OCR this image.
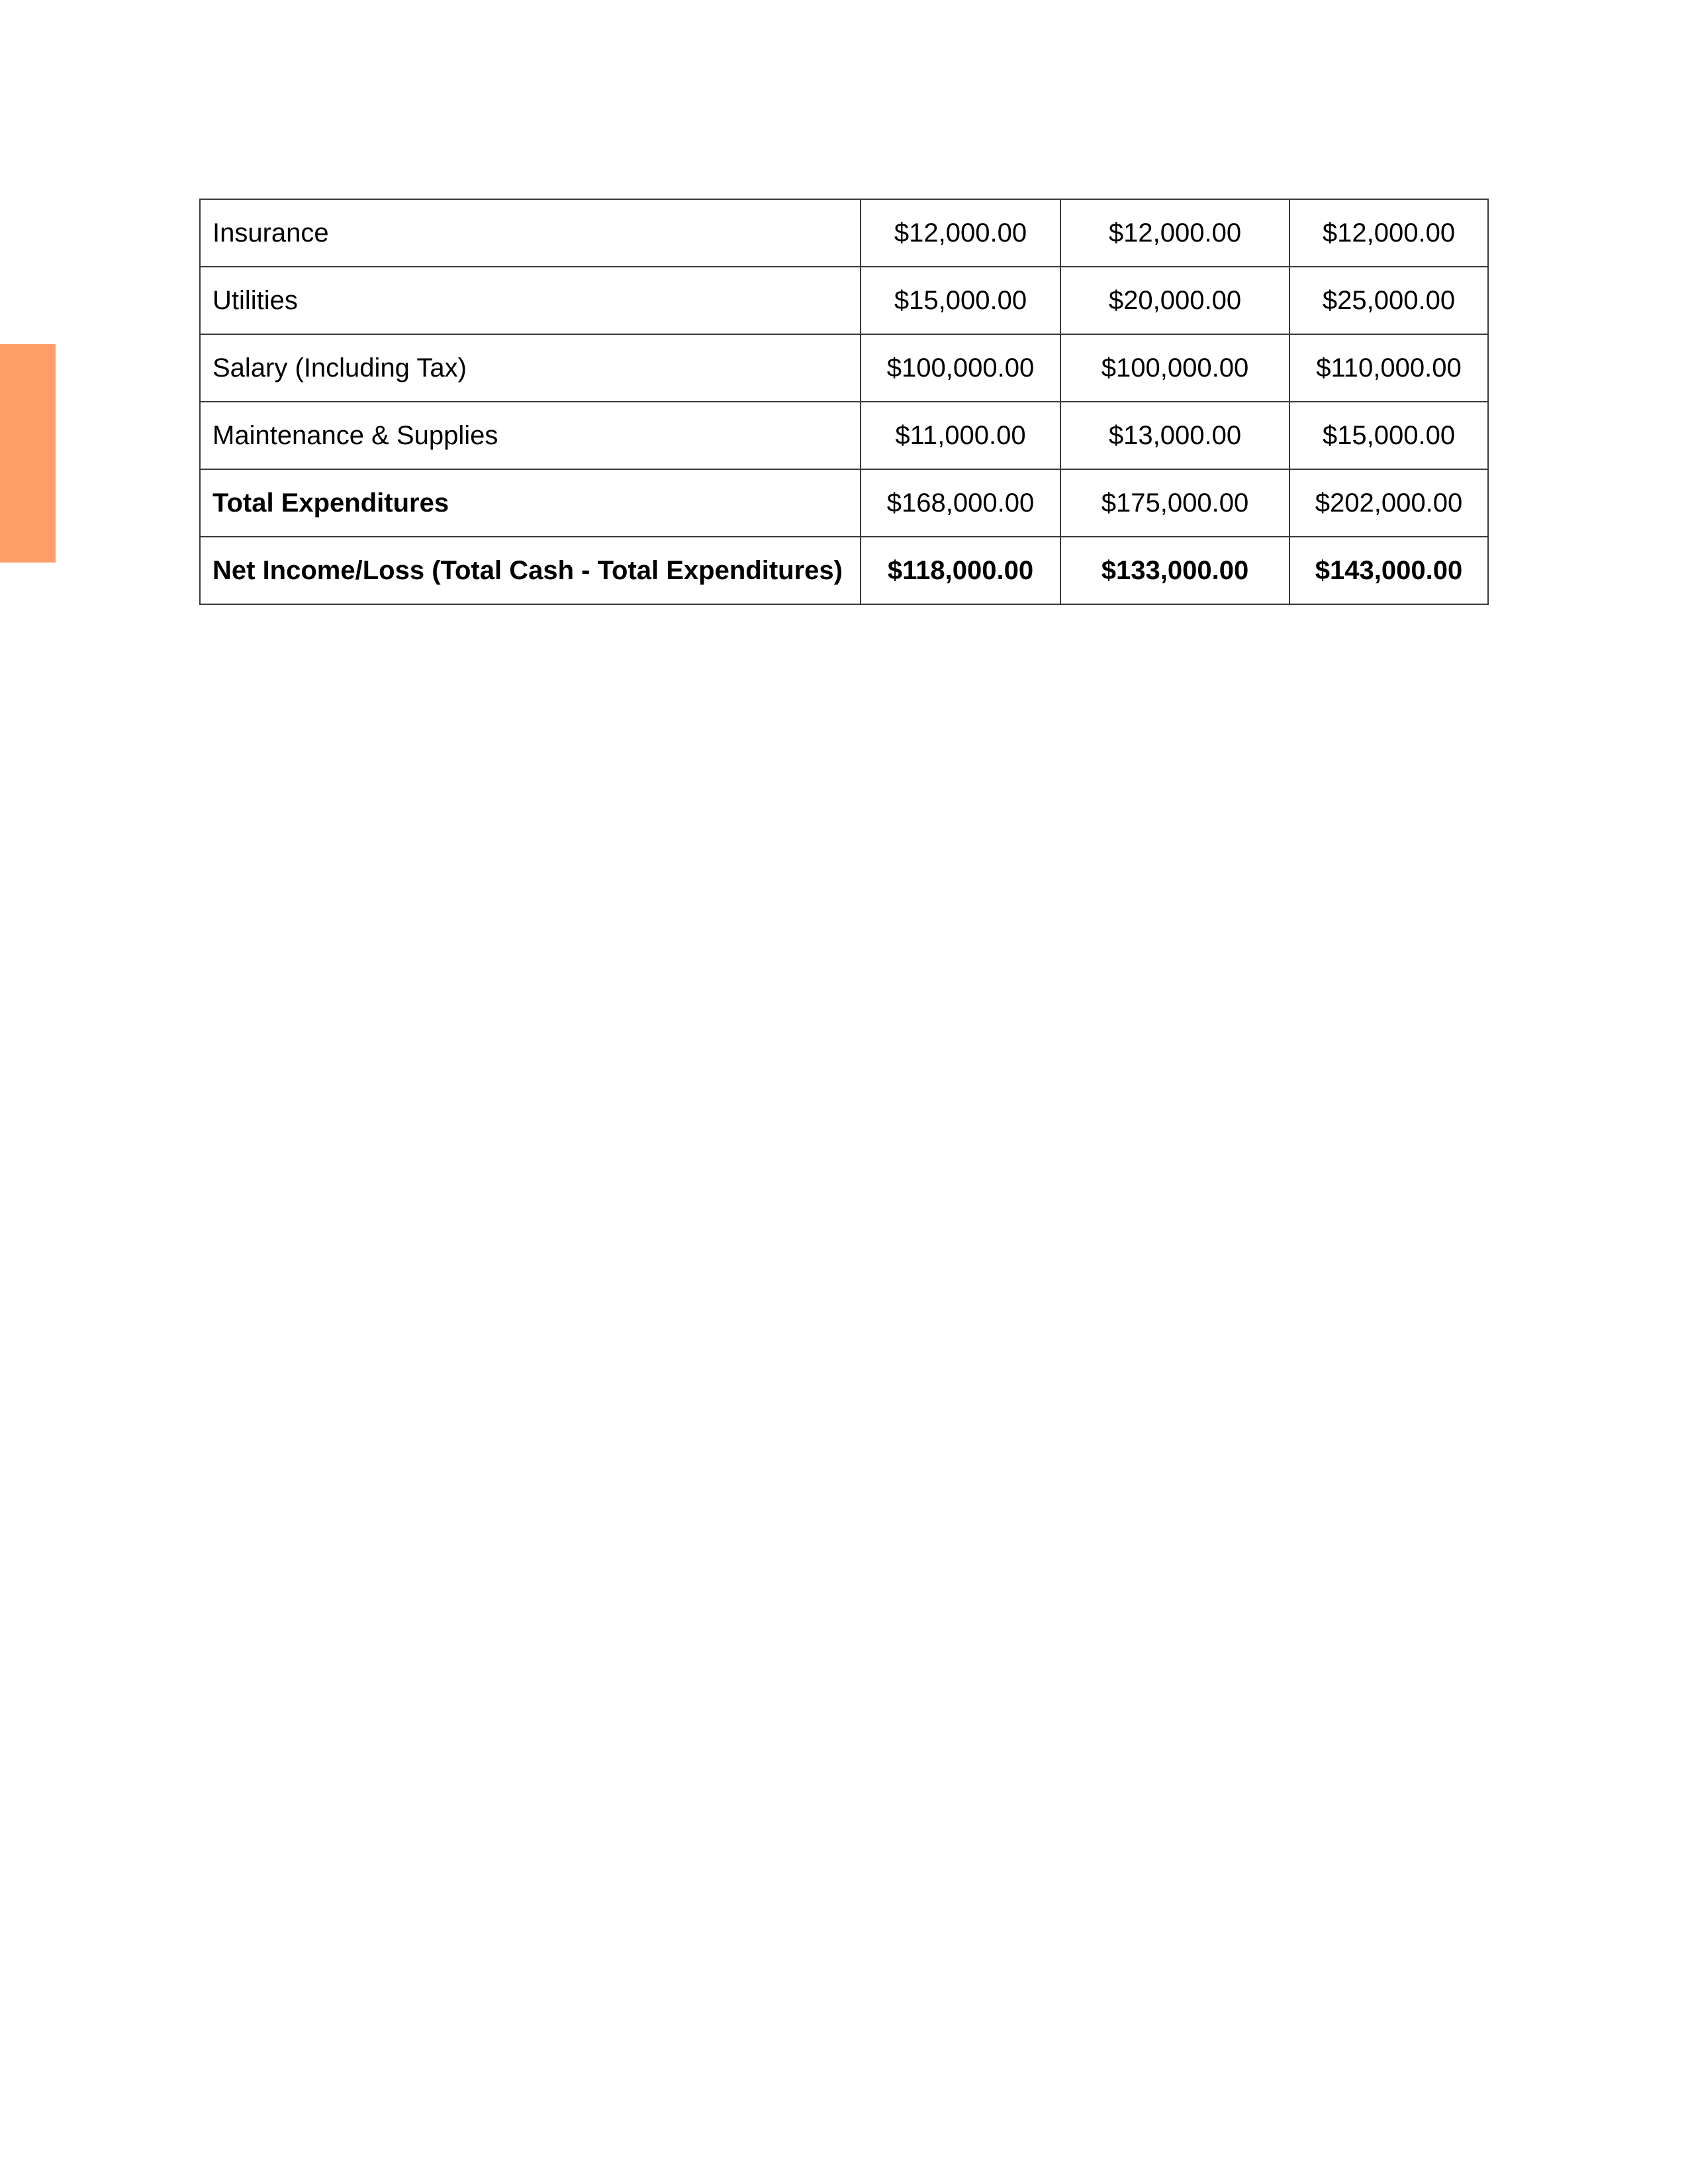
Insurance	$12,000.00	$12,000.00	$12,000.00
Utilities	$15,000.00	$20,000.00	$25,000.00
Salary (Including Tax)	$100,000.00	$100,000.00	$110,000.00
Maintenance & Supplies	$11,000.00	$13,000.00	$15,000.00
Total Expenditures	$168,000.00	$175,000.00	$202,000.00
Net Income/Loss (Total Cash - Total Expenditures)	$118,000.00	$133,000.00	$143,000.00
